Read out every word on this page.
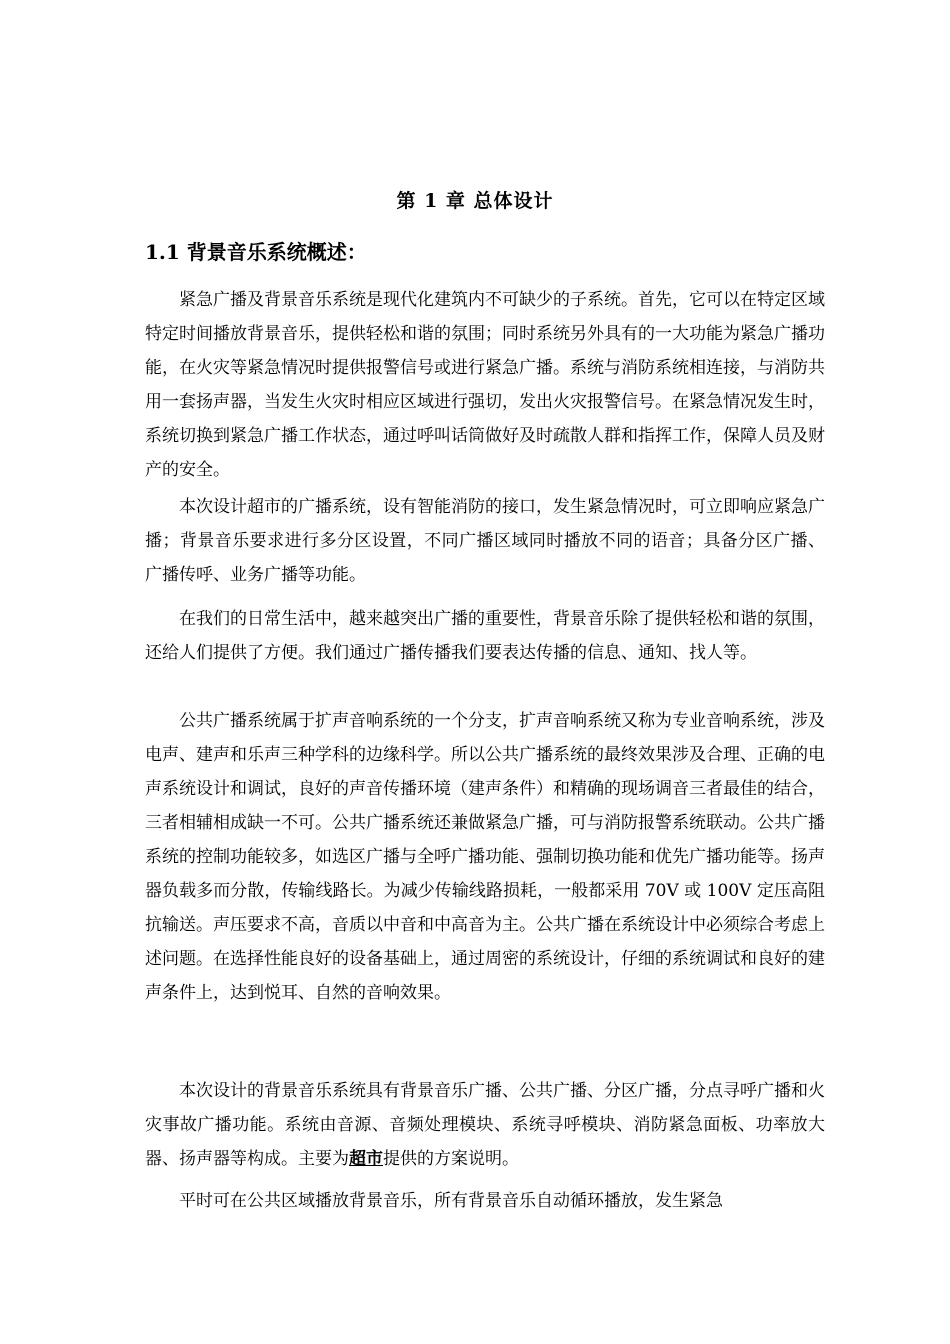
第 1 章 总体设计
1.1 背景音乐系统概述：

紧急广播及背景音乐系统是现代化建筑内不可缺少的子系统。首先，它可以在特定区域特定时间播放背景音乐，提供轻松和谐的氛围；同时系统另外具有的一大功能为紧急广播功能，在火灾等紧急情况时提供报警信号或进行紧急广播。系统与消防系统相连接，与消防共用一套扬声器，当发生火灾时相应区域进行强切，发出火灾报警信号。在紧急情况发生时，系统切换到紧急广播工作状态，通过呼叫话筒做好及时疏散人群和指挥工作，保障人员及财产的安全。

本次设计超市的广播系统，设有智能消防的接口，发生紧急情况时，可立即响应紧急广播；背景音乐要求进行多分区设置，不同广播区域同时播放不同的语音；具备分区广播、 广播传呼、业务广播等功能。

在我们的日常生活中，越来越突出广播的重要性，背景音乐除了提供轻松和谐的氛围，还给人们提供了方便。我们通过广播传播我们要表达传播的信息、通知、找人等。

公共广播系统属于扩声音响系统的一个分支，扩声音响系统又称为专业音响系统，涉及电声、建声和乐声三种学科的边缘科学。所以公共广播系统的最终效果涉及合理、正确的电声系统设计和调试，良好的声音传播环境（建声条件）和精确的现场调音三者最佳的结合，三者相辅相成缺一不可。公共广播系统还兼做紧急广播，可与消防报警系统联动。公共广播系统的控制功能较多，如选区广播与全呼广播功能、强制切换功能和优先广播功能等。扬声器负载多而分散，传输线路长。为减少传输线路损耗，一般都采用 70V 或 100V 定压高阻抗输送。声压要求不高，音质以中音和中高音为主。公共广播在系统设计中必须综合考虑上述问题。在选择性能良好的设备基础上，通过周密的系统设计，仔细的系统调试和良好的建声条件上，达到悦耳、自然的音响效果。

本次设计的背景音乐系统具有背景音乐广播、公共广播、分区广播，分点寻呼广播和火灾事故广播功能。系统由音源、音频处理模块、系统寻呼模块、消防紧急面板、功率放大器、扬声器等构成。主要为超市提供的方案说明。

平时可在公共区域播放背景音乐，所有背景音乐自动循环播放，发生紧急
